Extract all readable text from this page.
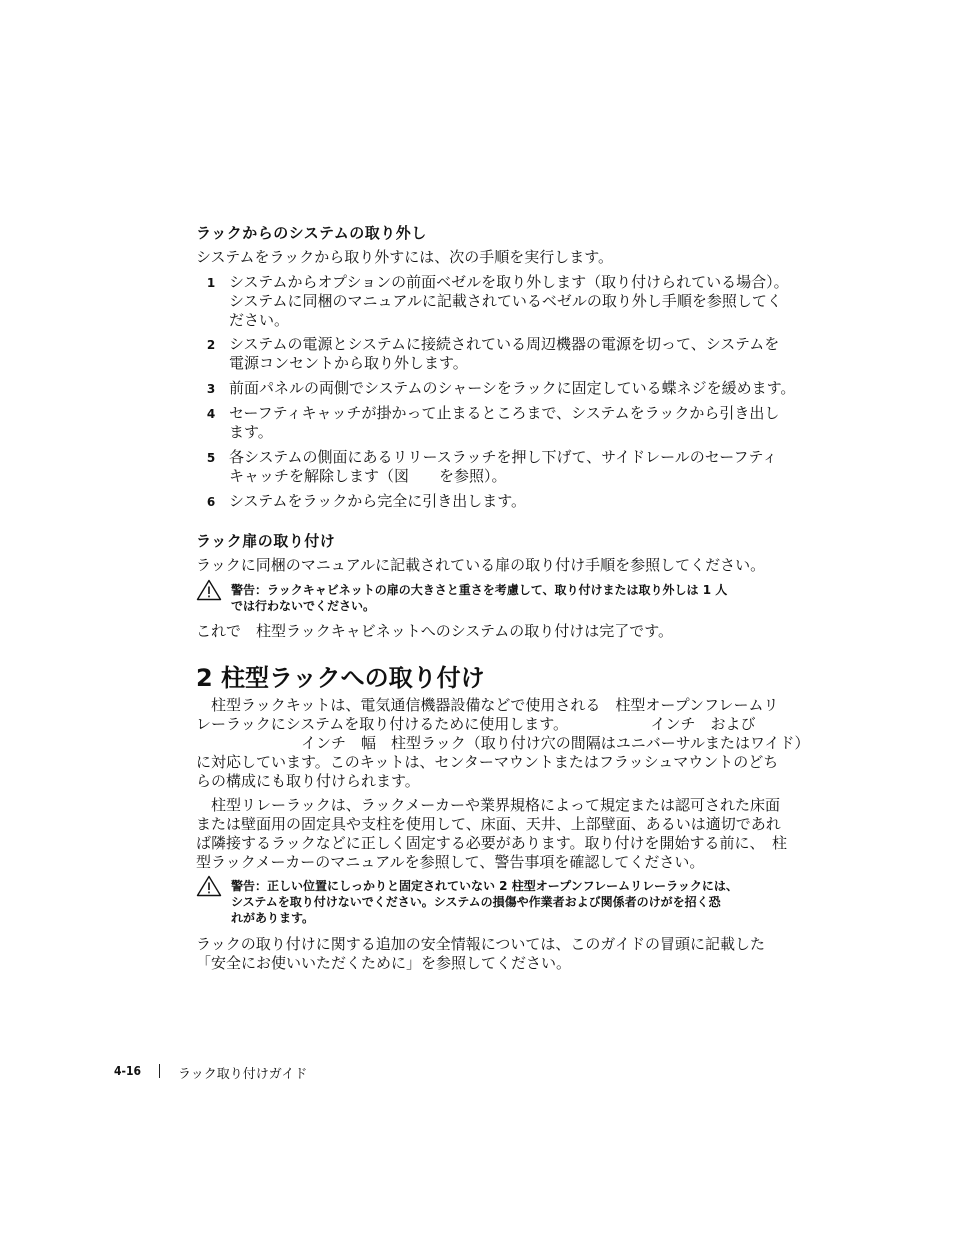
ラックからのシステムの取り外し
システムをラックから取り外すには、次の手順を実行します。
1 システムからオプションの前面ベゼルを取り外します（取り付けられている場合）。
システムに同梱のマニュアルに記載されているベゼルの取り外し手順を参照してく
ださい。
2 システムの電源とシステムに接続されている周辺機器の電源を切って、システムを
電源コンセントから取り外します。
3 前面パネルの両側でシステムのシャーシをラックに固定している蝶ネジを緩めます。
4 セーフティキャッチが掛かって止まるところまで、システムをラックから引き出し
ます。
5 各システムの側面にあるリリースラッチを押し下げて、サイドレールのセーフティ
キャッチを解除します（図　　を参照）。
6 システムをラックから完全に引き出します。
ラック扉の取り付け
ラックに同梱のマニュアルに記載されている扉の取り付け手順を参照してください。
警告：ラックキャビネットの扉の大きさと重さを考慮して、取り付けまたは取り外しは 1 人
では行わないでください。
これで　柱型ラックキャビネットへのシステムの取り付けは完了です。
2 柱型ラックへの取り付け
　柱型ラックキットは、電気通信機器設備などで使用される　柱型オープンフレームリ
レーラックにシステムを取り付けるために使用します。　　　　　　インチ　および
　　　　　　　インチ　幅　柱型ラック（取り付け穴の間隔はユニバーサルまたはワイド）
に対応しています。このキットは、センターマウントまたはフラッシュマウントのどち
らの構成にも取り付けられます。
　柱型リレーラックは、ラックメーカーや業界規格によって規定または認可された床面
または壁面用の固定具や支柱を使用して、床面、天井、上部壁面、あるいは適切であれ
ば隣接するラックなどに正しく固定する必要があります。取り付けを開始する前に、　柱
型ラックメーカーのマニュアルを参照して、警告事項を確認してください。
警告：正しい位置にしっかりと固定されていない 2 柱型オープンフレームリレーラックには、
システムを取り付けないでください。システムの損傷や作業者および関係者のけがを招く恐
れがあります。
ラックの取り付けに関する追加の安全情報については、このガイドの冒頭に記載した
「安全にお使いいただくために」を参照してください。
4-16	ラック取り付けガイド
